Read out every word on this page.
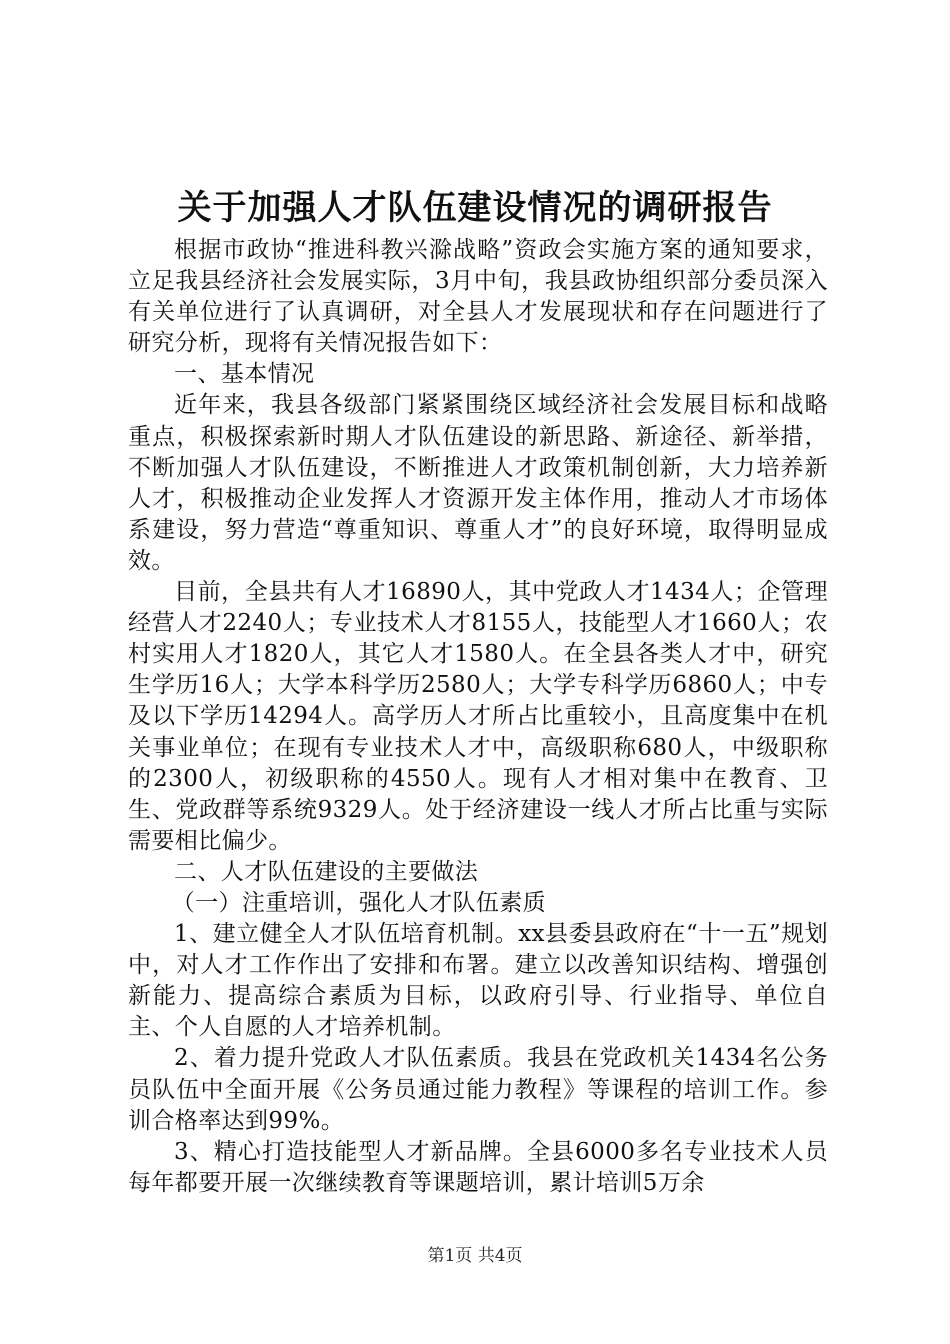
关于加强人才队伍建设情况的调研报告

根据市政协“推进科教兴滁战略”资政会实施方案的通知要求，立足我县经济社会发展实际，3月中旬，我县政协组织部分委员深入有关单位进行了认真调研，对全县人才发展现状和存在问题进行了研究分析，现将有关情况报告如下：

一、基本情况

近年来，我县各级部门紧紧围绕区域经济社会发展目标和战略重点，积极探索新时期人才队伍建设的新思路、新途径、新举措，不断加强人才队伍建设，不断推进人才政策机制创新，大力培养新人才，积极推动企业发挥人才资源开发主体作用，推动人才市场体系建设，努力营造“尊重知识、尊重人才”的良好环境，取得明显成效。

目前，全县共有人才16890人，其中党政人才1434人；企管理经营人才2240人；专业技术人才8155人，技能型人才1660人；农村实用人才1820人，其它人才1580人。在全县各类人才中，研究生学历16人；大学本科学历2580人；大学专科学历6860人；中专及以下学历14294人。高学历人才所占比重较小，且高度集中在机关事业单位；在现有专业技术人才中，高级职称680人，中级职称的2300人，初级职称的4550人。现有人才相对集中在教育、卫生、党政群等系统9329人。处于经济建设一线人才所占比重与实际需要相比偏少。

二、人才队伍建设的主要做法

（一）注重培训，强化人才队伍素质

1、建立健全人才队伍培育机制。xx县委县政府在“十一五”规划中，对人才工作作出了安排和布署。建立以改善知识结构、增强创新能力、提高综合素质为目标，以政府引导、行业指导、单位自主、个人自愿的人才培养机制。

2、着力提升党政人才队伍素质。我县在党政机关1434名公务员队伍中全面开展《公务员通过能力教程》等课程的培训工作。参训合格率达到99%。

3、精心打造技能型人才新品牌。全县6000多名专业技术人员每年都要开展一次继续教育等课题培训，累计培训5万余

第1页 共4页
